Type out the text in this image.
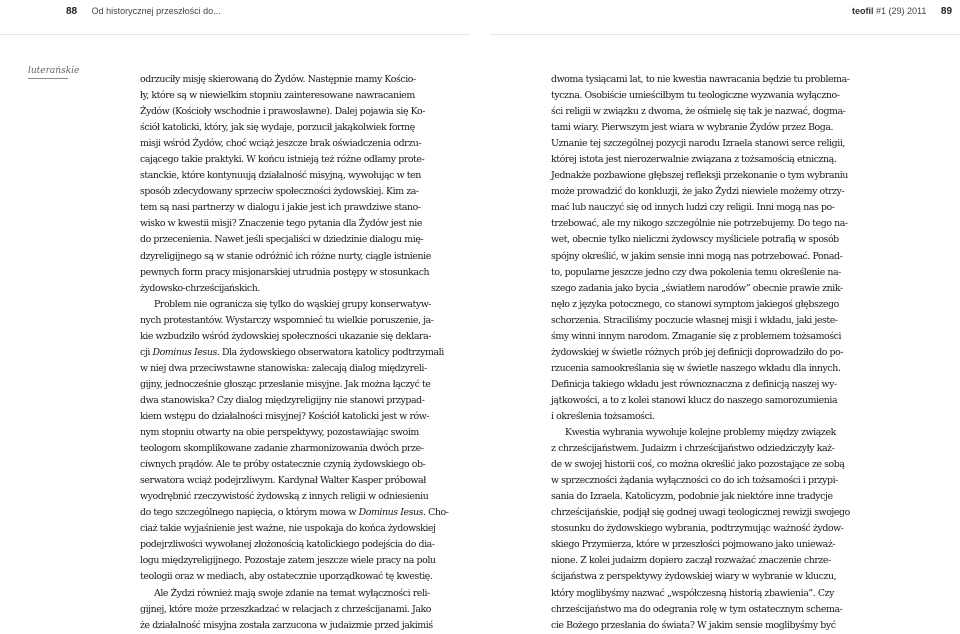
88 Od historycznej przeszłości do...	teofil #1 (29) 2011 89
luterańskie
odrzuciły misję skierowaną do Żydów. Następnie mamy Kościo-
ły, które są w niewielkim stopniu zainteresowane nawracaniem
Żydów (Kościoły wschodnie i prawosławne). Dalej pojawia się Ko-
ściół katolicki, który, jak się wydaje, porzucił jakąkolwiek formę
misji wśród Żydów, choć wciąż jeszcze brak oświadczenia odrzu-
cającego takie praktyki. W końcu istnieją też różne odłamy prote-
stanckie, które kontynuują działalność misyjną, wywołując w ten
sposób zdecydowany sprzeciw społeczności żydowskiej. Kim za-
tem są nasi partnerzy w dialogu i jakie jest ich prawdziwe stano-
wisko w kwestii misji? Znaczenie tego pytania dla Żydów jest nie
do przecenienia. Nawet jeśli specjaliści w dziedzinie dialogu mię-
dzyreligijnego są w stanie odróżnić ich różne nurty, ciągle istnienie
pewnych form pracy misjonarskiej utrudnia postępy w stosunkach
żydowsko-chrześcijańskich.
Problem nie ogranicza się tylko do wąskiej grupy konserwatyw-
nych protestantów. Wystarczy wspomnieć tu wielkie poruszenie, ja-
kie wzbudziło wśród żydowskiej społeczności ukazanie się deklara-
cji Dominus Iesus. Dla żydowskiego obserwatora katolicy podtrzymali
w niej dwa przeciwstawne stanowiska: zalecają dialog międzyreli-
gijny, jednocześnie głosząc przesłanie misyjne. Jak można łączyć te
dwa stanowiska? Czy dialog międzyreligijny nie stanowi przypad-
kiem wstępu do działalności misyjnej? Kościół katolicki jest w rów-
nym stopniu otwarty na obie perspektywy, pozostawiając swoim
teologom skomplikowane zadanie zharmonizowania dwóch prze-
ciwnych prądów. Ale te próby ostatecznie czynią żydowskiego ob-
serwatora wciąż podejrzliwym. Kardynał Walter Kasper próbował
wyodrębnić rzeczywistość żydowską z innych religii w odniesieniu
do tego szczególnego napięcia, o którym mowa w Dominus Iesus. Cho-
ciaż takie wyjaśnienie jest ważne, nie uspokaja do końca żydowskiej
podejrzliwości wywołanej złożonością katolickiego podejścia do dia-
logu międzyreligijnego. Pozostaje zatem jeszcze wiele pracy na polu
teologii oraz w mediach, aby ostatecznie uporządkować tę kwestię.
Ale Żydzi również mają swoje zdanie na temat wyłączności reli-
gijnej, które może przeszkadzać w relacjach z chrześcijanami. Jako
że działalność misyjna została zarzucona w judaizmie przed jakimiś
dwoma tysiącami lat, to nie kwestia nawracania będzie tu problema-
tyczna. Osobiście umieściłbym tu teologiczne wyzwania wyłączno-
ści religii w związku z dwoma, że ośmielę się tak je nazwać, dogma-
tami wiary. Pierwszym jest wiara w wybranie Żydów przez Boga.
Uznanie tej szczególnej pozycji narodu Izraela stanowi serce religii,
której istota jest nierozerwalnie związana z tożsamością etniczną.
Jednakże pozbawione głębszej refleksji przekonanie o tym wybraniu
może prowadzić do konkluzji, że jako Żydzi niewiele możemy otrzy-
mać lub nauczyć się od innych ludzi czy religii. Inni mogą nas po-
trzebować, ale my nikogo szczególnie nie potrzebujemy. Do tego na-
wet, obecnie tylko nieliczni żydowscy myśliciele potrafią w sposób
spójny określić, w jakim sensie inni mogą nas potrzebować. Ponad-
to, popularne jeszcze jedno czy dwa pokolenia temu określenie na-
szego zadania jako bycia „światłem narodów” obecnie prawie znik-
nęło z języka potocznego, co stanowi symptom jakiegoś głębszego
schorzenia. Straciliśmy poczucie własnej misji i wkładu, jaki jeste-
śmy winni innym narodom. Zmaganie się z problemem tożsamości
żydowskiej w świetle różnych prób jej definicji doprowadziło do po-
rzucenia samookreślania się w świetle naszego wkładu dla innych.
Definicja takiego wkładu jest równoznaczna z definicją naszej wy-
jątkowości, a to z kolei stanowi klucz do naszego samorozumienia
i określenia tożsamości.
Kwestia wybrania wywołuje kolejne problemy między związek
z chrześcijaństwem. Judaizm i chrześcijaństwo odziedziczyły każ-
de w swojej historii coś, co można określić jako pozostające ze sobą
w sprzeczności żądania wyłączności co do ich tożsamości i przypi-
sania do Izraela. Katolicyzm, podobnie jak niektóre inne tradycje
chrześcijańskie, podjął się godnej uwagi teologicznej rewizji swojego
stosunku do żydowskiego wybrania, podtrzymując ważność żydow-
skiego Przymierza, które w przeszłości pojmowano jako unieważ-
nione. Z kolei judaizm dopiero zaczął rozważać znaczenie chrze-
ścijaństwa z perspektywy żydowskiej wiary w wybranie w kluczu,
który moglibyśmy nazwać „współczesną historią zbawienia”. Czy
chrześcijaństwo ma do odegrania rolę w tym ostatecznym schema-
cie Bożego przesłania do świata? W jakim sensie moglibyśmy być
